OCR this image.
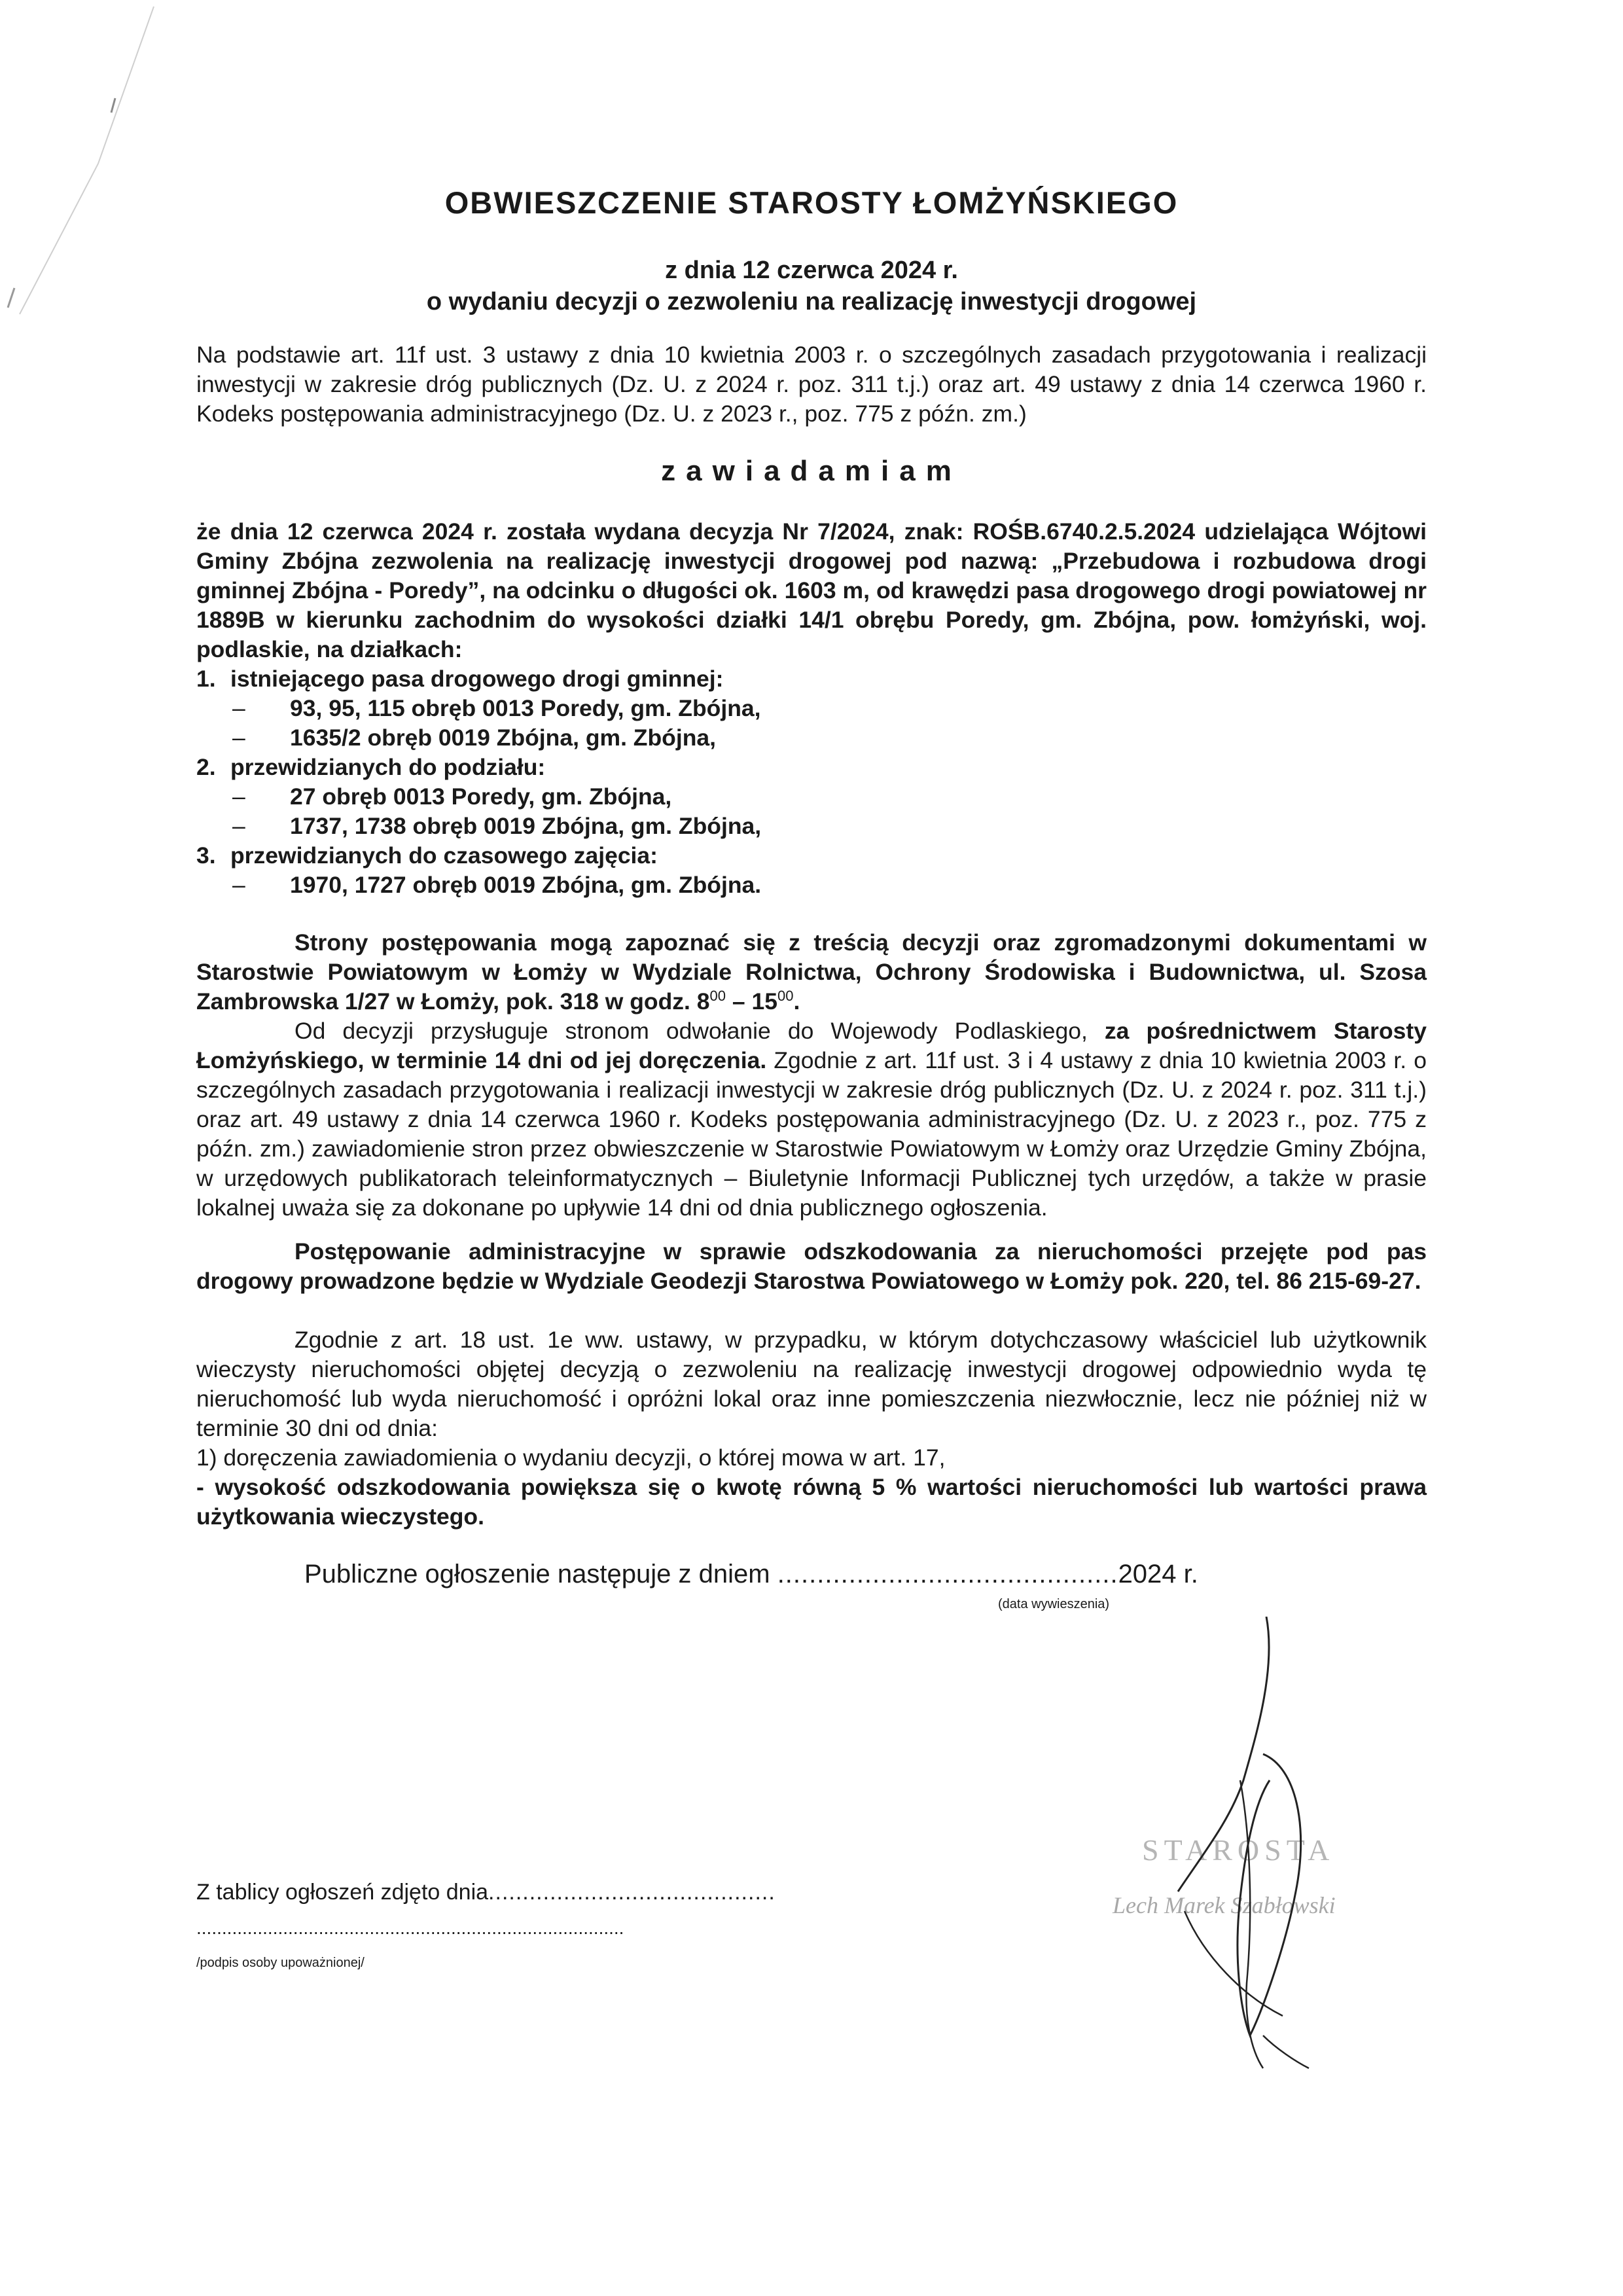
OBWIESZCZENIE STAROSTY ŁOMŻYŃSKIEGO
z dnia 12 czerwca 2024 r.
o wydaniu decyzji o zezwoleniu na realizację inwestycji drogowej

Na podstawie art. 11f ust. 3 ustawy z dnia 10 kwietnia 2003 r. o szczególnych zasadach przygotowania i realizacji inwestycji w zakresie dróg publicznych (Dz. U. z 2024 r. poz. 311 t.j.) oraz art. 49 ustawy z dnia 14 czerwca 1960 r. Kodeks postępowania administracyjnego (Dz. U. z 2023 r., poz. 775 z późn. zm.)

zawiadamiam

że dnia 12 czerwca 2024 r. została wydana decyzja Nr 7/2024, znak: ROŚB.6740.2.5.2024 udzielająca Wójtowi Gminy Zbójna zezwolenia na realizację inwestycji drogowej pod nazwą: „Przebudowa i rozbudowa drogi gminnej Zbójna - Poredy”, na odcinku o długości ok. 1603 m, od krawędzi pasa drogowego drogi powiatowej nr 1889B w kierunku zachodnim do wysokości działki 14/1 obrębu Poredy, gm. Zbójna, pow. łomżyński, woj. podlaskie, na działkach:

1. istniejącego pasa drogowego drogi gminnej:
– 93, 95, 115 obręb 0013 Poredy, gm. Zbójna,
– 1635/2 obręb 0019 Zbójna, gm. Zbójna,
2. przewidzianych do podziału:
– 27 obręb 0013 Poredy, gm. Zbójna,
– 1737, 1738 obręb 0019 Zbójna, gm. Zbójna,
3. przewidzianych do czasowego zajęcia:
– 1970, 1727 obręb 0019 Zbójna, gm. Zbójna.

Strony postępowania mogą zapoznać się z treścią decyzji oraz zgromadzonymi dokumentami w Starostwie Powiatowym w Łomży w Wydziale Rolnictwa, Ochrony Środowiska i Budownictwa, ul. Szosa Zambrowska 1/27 w Łomży, pok. 318 w godz. $8^{00} - 15^{00}$.

Od decyzji przysługuje stronom odwołanie do Wojewody Podlaskiego, za pośrednictwem Starosty Łomżyńskiego, w terminie 14 dni od jej doręczenia. Zgodnie z art. 11f ust. 3 i 4 ustawy z dnia 10 kwietnia 2003 r. o szczególnych zasadach przygotowania i realizacji inwestycji w zakresie dróg publicznych (Dz. U. z 2024 r. poz. 311 t.j.) oraz art. 49 ustawy z dnia 14 czerwca 1960 r. Kodeks postępowania administracyjnego (Dz. U. z 2023 r., poz. 775 z późn. zm.) zawiadomienie stron przez obwieszczenie w Starostwie Powiatowym w Łomży oraz Urzędzie Gminy Zbójna, w urzędowych publikatorach teleinformatycznych – Biuletynie Informacji Publicznej tych urzędów, a także w prasie lokalnej uważa się za dokonane po upływie 14 dni od dnia publicznego ogłoszenia.

Postępowanie administracyjne w sprawie odszkodowania za nieruchomości przejęte pod pas drogowy prowadzone będzie w Wydziale Geodezji Starostwa Powiatowego w Łomży pok. 220, tel. 86 215-69-27.

Zgodnie z art. 18 ust. 1e ww. ustawy, w przypadku, w którym dotychczasowy właściciel lub użytkownik wieczysty nieruchomości objętej decyzją o zezwoleniu na realizację inwestycji drogowej odpowiednio wyda tę nieruchomość lub wyda nieruchomość i opróżni lokal oraz inne pomieszczenia niezwłocznie, lecz nie później niż w terminie 30 dni od dnia:

1) doręczenia zawiadomienia o wydaniu decyzji, o której mowa w art. 17,

- wysokość odszkodowania powiększa się o kwotę równą 5 % wartości nieruchomości lub wartości prawa użytkowania wieczystego.

Publiczne ogłoszenie następuje z dniem ...........................................2024 r.
(data wywieszenia)
Z tablicy ogłoszeń zdjęto dnia..........................................
....................................................................................
/podpis osoby upoważnionej/
STAROSTA
Lech Marek Szabłowski
